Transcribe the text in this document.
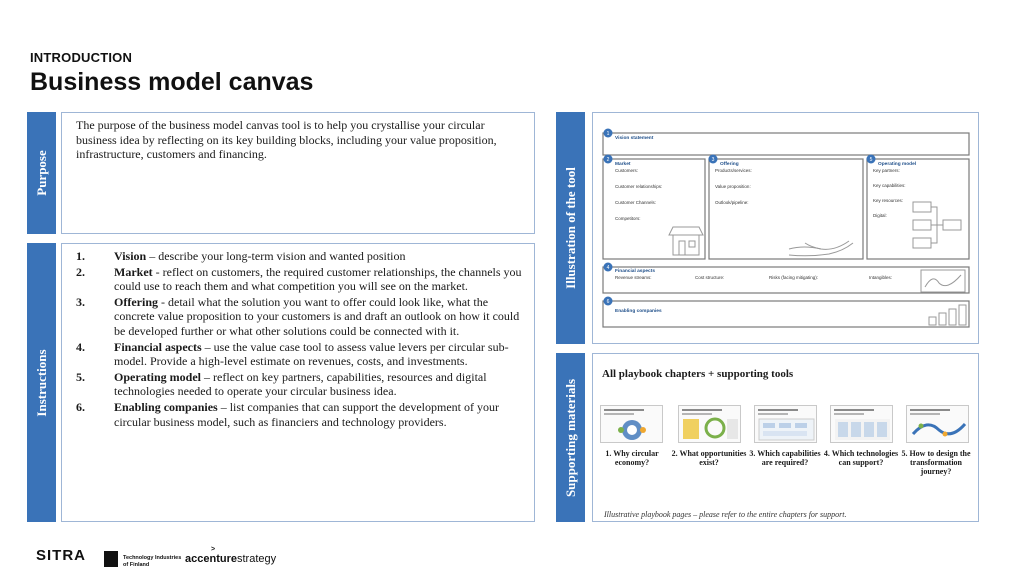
INTRODUCTION
Business model canvas
Purpose
The purpose of the business model canvas tool is to help you crystallise your circular business idea by reflecting on its key building blocks, including your value proposition, infrastructure, customers and financing.
Instructions
1. Vision – describe your long-term vision and wanted position
2. Market - reflect on customers, the required customer relationships, the channels you could use to reach them and what competition you will see on the market.
3. Offering - detail what the solution you want to offer could look like, what the concrete value proposition to your customers is and draft an outlook on how it could be developed further or what other solutions could be connected with it.
4. Financial aspects – use the value case tool to assess value levers per circular sub-model. Provide a high-level estimate on revenues, costs, and investments.
5. Operating model – reflect on key partners, capabilities, resources and digital technologies needed to operate your circular business idea.
6. Enabling companies – list companies that can support the development of your circular business model, such as financiers and technology providers.
Illustration of the tool
1
Vision statement
2
Market
Customers:
Customer relationships:
Customer Channels:
Competitors:
3
Offering
Products/services:
Value proposition:
Outlook/pipeline:
5
Operating model
Key partners:
Key capabilities:
Key resources:
Digital:
4
Financial aspects
Revenue streams:	Cost structure:	Risks (facing mitigating):	Intangibles:
6
Enabling companies
Supporting materials
All playbook chapters + supporting tools
1. Why circular economy?
2. What opportunities exist?
3. Which capabilities are required?
4. Which technologies can support?
5. How to design the transformation journey?
Illustrative playbook pages – please refer to the entire chapters for support.
SITRA	Technology Industries
of Finland	accenturestrategy
>
